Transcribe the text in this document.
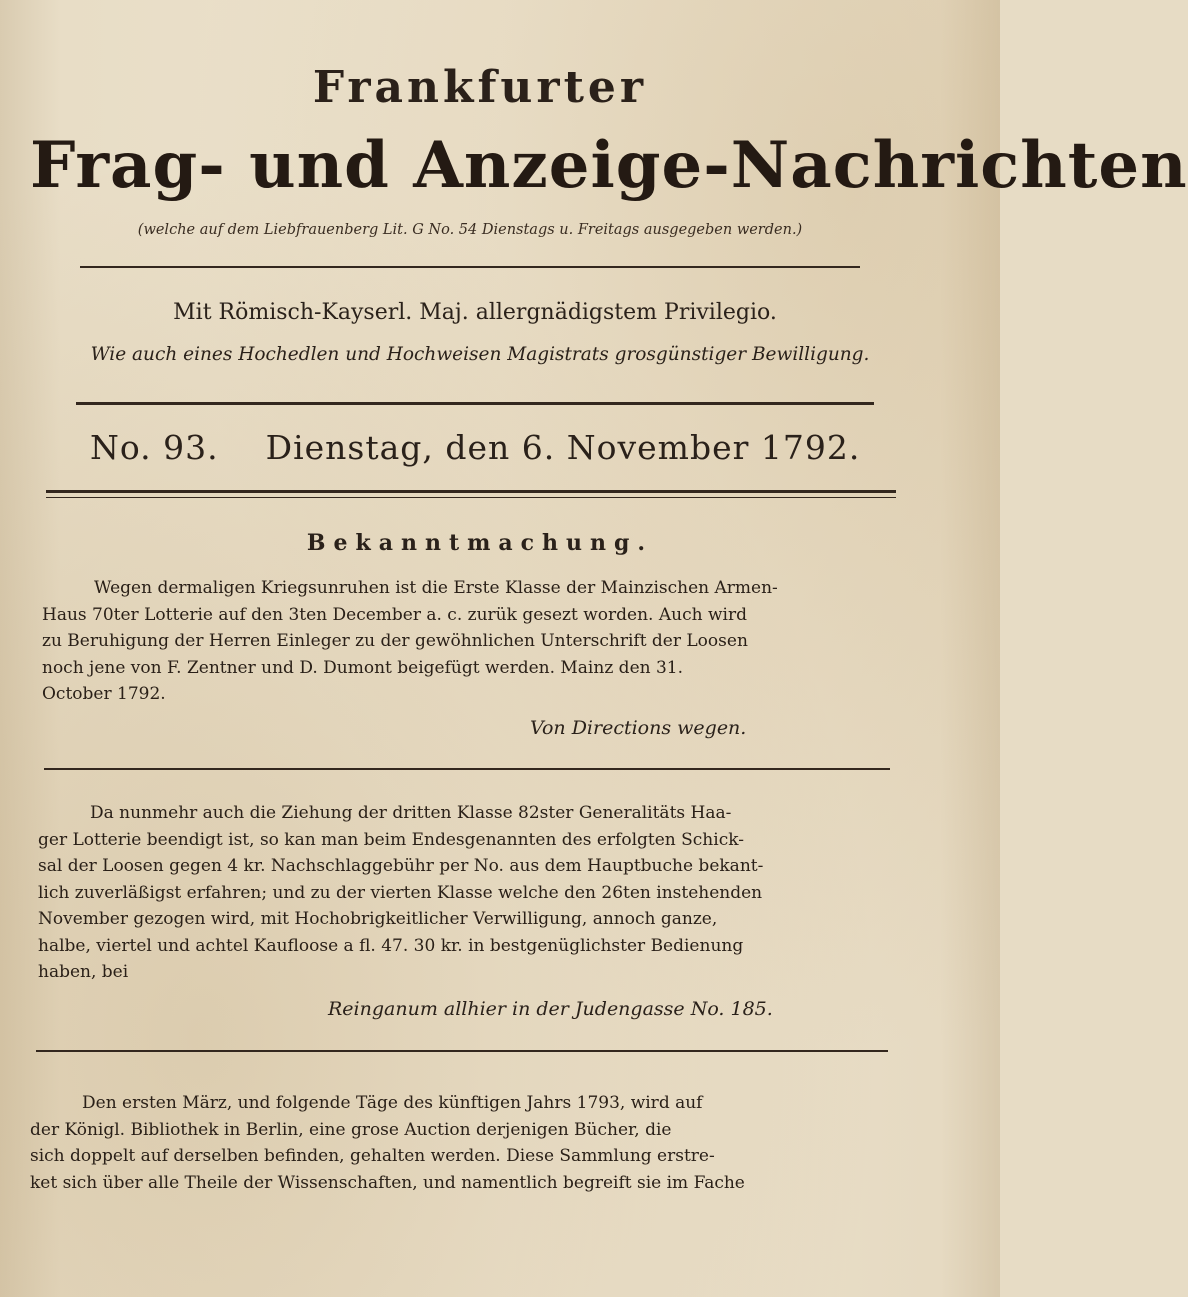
Frankfurter
Frag- und Anzeige-Nachrichten
(welche auf dem Liebfrauenberg Lit. G No. 54 Dienstags u. Freitags ausgegeben werden.)
Mit Römisch-Kayserl. Maj. allergnädigstem Privilegio.
Wie auch eines Hochedlen und Hochweisen Magistrats grosgünstiger Bewilligung.
No. 93. Dienstag, den 6. November 1792.
Bekanntmachung.
Wegen dermaligen Kriegsunruhen ist die Erste Klasse der Mainzischen Armen-
Haus 70ter Lotterie auf den 3ten December a. c. zurük gesezt worden. Auch wird
zu Beruhigung der Herren Einleger zu der gewöhnlichen Unterschrift der Loosen
noch jene von F. Zentner und D. Dumont beigefügt werden. Mainz den 31.
October 1792.
Von Directions wegen.
Da nunmehr auch die Ziehung der dritten Klasse 82ster Generalitäts Haa-
ger Lotterie beendigt ist, so kan man beim Endesgenannten des erfolgten Schick-
sal der Loosen gegen 4 kr. Nachschlaggebühr per No. aus dem Hauptbuche bekant-
lich zuverläßigst erfahren; und zu der vierten Klasse welche den 26ten instehenden
November gezogen wird, mit Hochobrigkeitlicher Verwilligung, annoch ganze,
halbe, viertel und achtel Kaufloose a fl. 47. 30 kr. in bestgenüglichster Bedienung
haben, bei
Reinganum allhier in der Judengasse No. 185.
Den ersten März, und folgende Täge des künftigen Jahrs 1793, wird auf
der Königl. Bibliothek in Berlin, eine grose Auction derjenigen Bücher, die
sich doppelt auf derselben befinden, gehalten werden. Diese Sammlung erstre-
ket sich über alle Theile der Wissenschaften, und namentlich begreift sie im Fache
